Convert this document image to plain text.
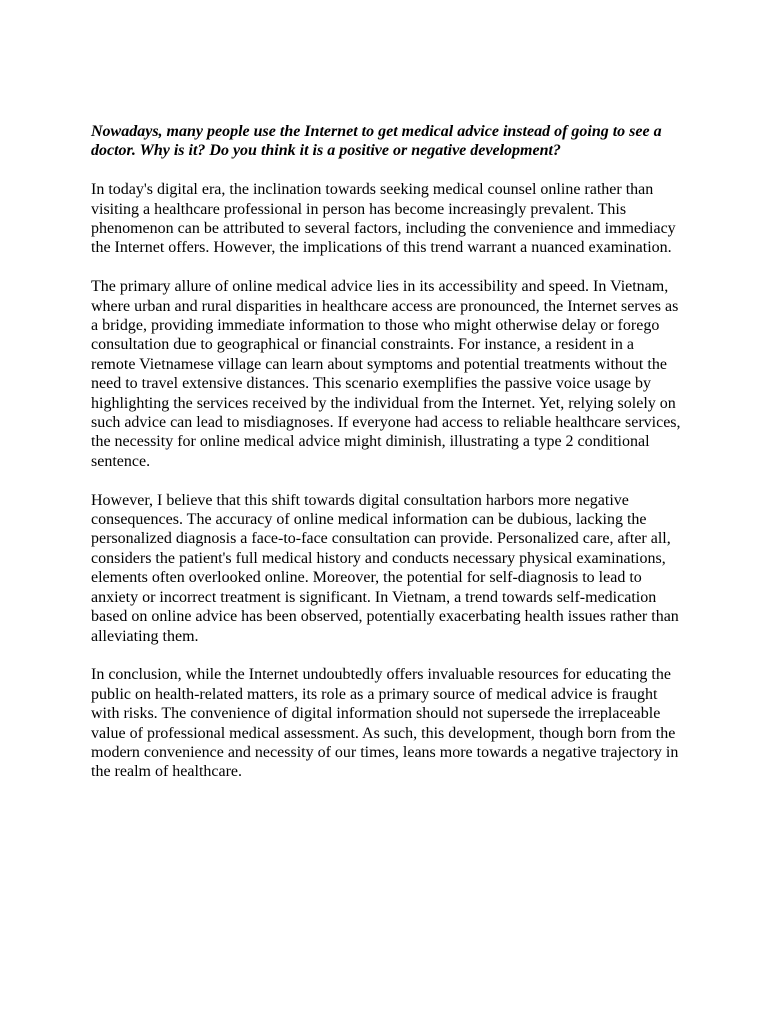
Nowadays, many people use the Internet to get medical advice instead of going to see a doctor. Why is it? Do you think it is a positive or negative development?

In today's digital era, the inclination towards seeking medical counsel online rather than visiting a healthcare professional in person has become increasingly prevalent. This phenomenon can be attributed to several factors, including the convenience and immediacy the Internet offers. However, the implications of this trend warrant a nuanced examination.

The primary allure of online medical advice lies in its accessibility and speed. In Vietnam, where urban and rural disparities in healthcare access are pronounced, the Internet serves as a bridge, providing immediate information to those who might otherwise delay or forego consultation due to geographical or financial constraints. For instance, a resident in a remote Vietnamese village can learn about symptoms and potential treatments without the need to travel extensive distances. This scenario exemplifies the passive voice usage by highlighting the services received by the individual from the Internet. Yet, relying solely on such advice can lead to misdiagnoses. If everyone had access to reliable healthcare services, the necessity for online medical advice might diminish, illustrating a type 2 conditional sentence.

However, I believe that this shift towards digital consultation harbors more negative consequences. The accuracy of online medical information can be dubious, lacking the personalized diagnosis a face-to-face consultation can provide. Personalized care, after all, considers the patient's full medical history and conducts necessary physical examinations, elements often overlooked online. Moreover, the potential for self-diagnosis to lead to anxiety or incorrect treatment is significant. In Vietnam, a trend towards self-medication based on online advice has been observed, potentially exacerbating health issues rather than alleviating them.

In conclusion, while the Internet undoubtedly offers invaluable resources for educating the public on health-related matters, its role as a primary source of medical advice is fraught with risks. The convenience of digital information should not supersede the irreplaceable value of professional medical assessment. As such, this development, though born from the modern convenience and necessity of our times, leans more towards a negative trajectory in the realm of healthcare.
